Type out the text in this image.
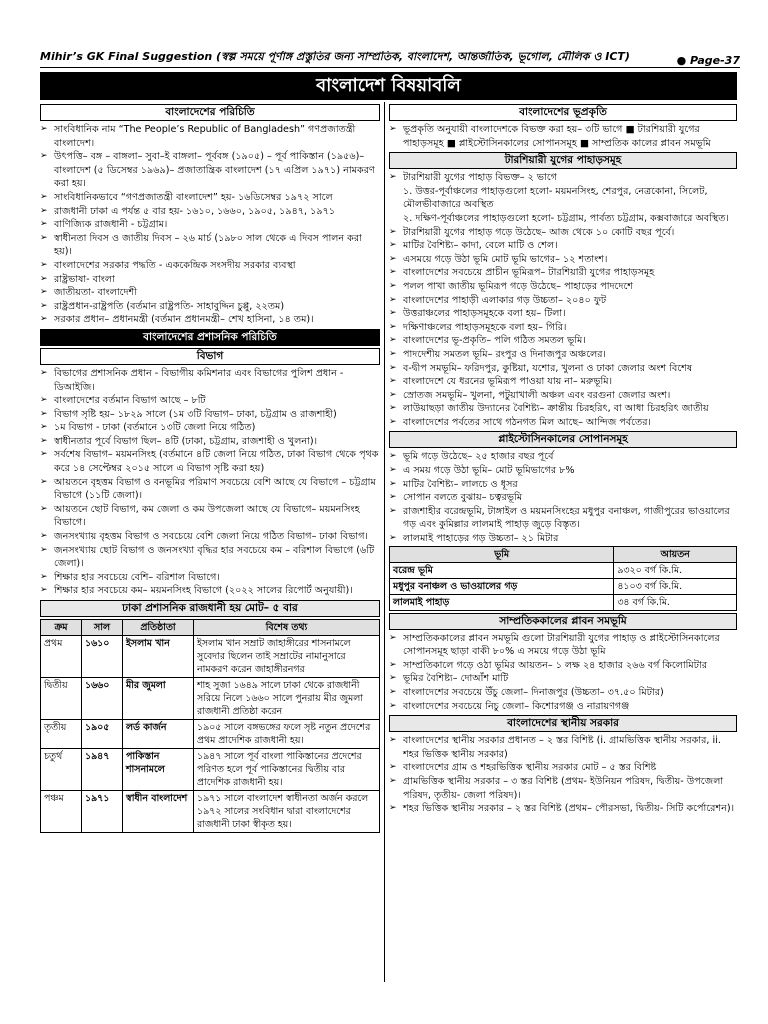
Mihir’s GK Final Suggestion (স্বল্প সময়ে পূর্ণাঙ্গ প্রস্তুতির জন্য সাম্প্রতিক, বাংলাদেশ, আন্তর্জাতিক, ভূগোল, মৌলিক ও ICT)	● Page-37
বাংলাদেশ বিষয়াবলি
বাংলাদেশের পরিচিতি
➢ সাংবিধানিক নাম “The People’s Republic of Bangladesh” গণপ্রজাতন্ত্রী বাংলাদেশ।
➢ উৎপত্তি– বঙ্গ – বাঙ্গলা– সুবা–ই বাঙ্গলা– পূর্ববঙ্গ (১৯০৫) – পূর্ব পাকিস্তান (১৯৫৬)– বাংলাদেশ (৫ ডিসেম্বর ১৯৬৯)– প্রজাতান্ত্রিক বাংলাদেশ (১৭ এপ্রিল ১৯৭১) নামকরণ করা হয়।
➢ সাংবিধানিকভাবে “গণপ্রজাতন্ত্রী বাংলাদেশ” হয়- ১৬ডিসেম্বর ১৯৭২ সালে
➢ রাজধানী ঢাকা এ পর্যন্ত ৫ বার হয়- ১৬১০, ১৬৬০, ১৯০৫, ১৯৪৭, ১৯৭১
➢ বাণিজ্যিক রাজধানী - চট্টগ্রাম।
➢ স্বাধীনতা দিবস ও জাতীয় দিবস – ২৬ মার্চ (১৯৮০ সাল থেকে এ দিবস পালন করা হয়)।
➢ বাংলাদেশের সরকার পদ্ধতি - এককেন্দ্রিক সংসদীয় সরকার ব্যবস্থা
➢ রাষ্ট্রভাষা- বাংলা
➢ জাতীয়তা- বাংলাদেশী
➢ রাষ্ট্রপ্রধান-রাষ্ট্রপতি (বর্তমান রাষ্ট্রপতি- সাহাবুদ্দিন চুপ্পু, ২২তম)
➢ সরকার প্রধান– প্রধানমন্ত্রী (বর্তমান প্রধানমন্ত্রী– শেখ হাসিনা, ১৪ তম)।
বাংলাদেশের প্রশাসনিক পরিচিতি
বিভাগ
➢ বিভাগের প্রশাসনিক প্রধান - বিভাগীয় কমিশনার এবং বিভাগের পুলিশ প্রধান - ডিআইজি।
➢ বাংলাদেশের বর্তমান বিভাগ আছে – ৮টি
➢ বিভাগ সৃষ্টি হয়– ১৮২৯ সালে (১ম ৩টি বিভাগ– ঢাকা, চট্টগ্রাম ও রাজশাহী)
➢ ১ম বিভাগ - ঢাকা (বর্তমানে ১৩টি জেলা নিয়ে গঠিত)
➢ স্বাধীনতার পূর্বে বিভাগ ছিল– ৪টি (ঢাকা, চট্টগ্রাম, রাজশাহী ও খুলনা)।
➢ সর্বশেষ বিভাগ– ময়মনসিংহ (বর্তমানে ৪টি জেলা নিয়ে গঠিত, ঢাকা বিভাগ থেকে পৃথক করে ১৪ সেপ্টেম্বর ২০১৫ সালে এ বিভাগ সৃষ্টি করা হয়)
➢ আয়তনে বৃহত্তম বিভাগ ও বনভূমির পরিমাণ সবচেয়ে বেশি আছে যে বিভাগে – চট্টগ্রাম বিভাগে (১১টি জেলা)।
➢ আয়তনে ছোট বিভাগ, কম জেলা ও কম উপজেলা আছে যে বিভাগে– ময়মনসিংহ বিভাগে।
➢ জনসংখ্যায় বৃহত্তম বিভাগ ও সবচেয়ে বেশি জেলা নিয়ে গঠিত বিভাগ– ঢাকা বিভাগ।
➢ জনসংখ্যায় ছোট বিভাগ ও জনসংখ্যা বৃদ্ধির হার সবচেয়ে কম – বরিশাল বিভাগে (৬টি জেলা)।
➢ শিক্ষার হার সবচেয়ে বেশি– বরিশাল বিভাগে।
➢ শিক্ষার হার সবচেয়ে কম– ময়মনসিংহ বিভাগে (২০২২ সালের রিপোর্ট অনুযায়ী)।
ঢাকা প্রশাসনিক রাজধানী হয় মোট– ৫ বার
ক্রম	সাল	প্রতিষ্ঠাতা	বিশেষ তথ্য
প্রথম	১৬১০	ইসলাম খান	ইসলাম খান সম্রাট জাহাঙ্গীরের শাসনামলে সুবেদার ছিলেন তাই সম্রাটের নামানুসারে নামকরণ করেন জাহাঙ্গীরনগর
দ্বিতীয়	১৬৬০	মীর জুমলা	শাহ সুজা ১৬৪৯ সালে ঢাকা থেকে রাজধানী সরিয়ে নিলে ১৬৬০ সালে পুনরায় মীর জুমলা রাজধানী প্রতিষ্ঠা করেন
তৃতীয়	১৯০৫	লর্ড কার্জন	১৯০৫ সালে বঙ্গভঙ্গের ফলে সৃষ্ট নতুন প্রদেশের প্রথম প্রাদেশিক রাজধানী হয়।
চতুর্থ	১৯৪৭	পাকিস্তান শাসনামলে	১৯৪৭ সালে পূর্ব বাংলা পাকিস্তানের প্রদেশের পরিণত হলে পূর্ব পাকিস্তানের দ্বিতীয় বার প্রাদেশিক রাজধানী হয়।
পঞ্চম	১৯৭১	স্বাধীন বাংলাদেশ	১৯৭১ সালে বাংলাদেশ স্বাধীনতা অর্জন করলে ১৯৭২ সালের সংবিধান দ্বারা বাংলাদেশের রাজধানী ঢাকা স্বীকৃত হয়।
বাংলাদেশের ভূপ্রকৃতি
➢ ভূপ্রকৃতি অনুযায়ী বাংলাদেশকে বিভক্ত করা হয়– ৩টি ভাগে ■ টারশিয়ারী যুগের পাহাড়সমূহ ■ প্লাইস্টোসিনকালের সোপানসমূহ ■ সাম্প্রতিক কালের প্লাবন সমভূমি
টারশিয়ারী যুগের পাহাড়সমূহ
➢ টারশিয়ারী যুগের পাহাড় বিভক্ত– ২ ভাগে
১. উত্তর-পূর্বাঞ্চলের পাহাড়গুলো হলো- ময়মনসিংহ, শেরপুর, নেত্রকোনা, সিলেট, মৌলভীবাজারে অবস্থিত
২. দক্ষিণ-পূর্বাঞ্চলের পাহাড়গুলো হলো- চট্টগ্রাম, পার্বত্য চট্টগ্রাম, কক্সবাজারে অবস্থিত।
➢ টারশিয়ারী যুগের পাহাড় গড়ে উঠেছে– আজ থেকে ১০ কোটি বছর পূর্বে।
➢ মাটির বৈশিষ্ট্য– কাদা, বেলে মাটি ও শেল।
➢ এসময়ে গড়ে উঠা ভূমি মোট ভূমি ভাগের– ১২ শতাংশ।
➢ বাংলাদেশের সবচেয়ে প্রাচীন ভূমিরূপ– টারশিয়ারী যুগের পাহাড়সমূহ
➢ পলল পাখা জাতীয় ভূমিরূপ গড়ে উঠেছে– পাহাড়ের পাদদেশে
➢ বাংলাদেশের পাহাড়ী এলাকার গড় উচ্চতা– ২০৪০ ফুট
➢ উত্তরাঞ্চলের পাহাড়সমূহকে বলা হয়– টিলা।
➢ দক্ষিণাঞ্চলের পাহাড়সমূহকে বলা হয়– গিরি।
➢ বাংলাদেশের ভূ-প্রকৃতি– পলি গঠিত সমতল ভূমি।
➢ পাদদেশীয় সমতল ভূমি– রংপুর ও দিনাজপুর অঞ্চলের।
➢ ব-দ্বীপ সমভূমি– ফরিদপুর, কুষ্টিয়া, যশোর, খুলনা ও ঢাকা জেলার অংশ বিশেষ
➢ বাংলাদেশে যে ধরনের ভূমিরূপ পাওয়া যায় না– মরুভূমি।
➢ স্রোতজ সমভূমি– খুলনা, পটুয়াখালী অঞ্চল এবং বরগুনা জেলার অংশ।
➢ লাউয়াছড়া জাতীয় উদ্যানের বৈশিষ্ট্য– ক্রান্তীয় চিরহরিৎ, বা আধা চিরহরিৎ জাতীয়
➢ বাংলাদেশের পর্বতের সাথে গঠনগত মিল আছে– আন্দিজ পর্বতের।
প্লাইস্টোসিনকালের সোপানসমূহ
➢ ভূমি গড়ে উঠেছে– ২৫ হাজার বছর পূর্বে
➢ এ সময় গড়ে উঠা ভূমি– মোট ভূমিভাগের ৮%
➢ মাটির বৈশিষ্ট্য– লালচে ও ধূসর
➢ সোপান বলতে বুঝায়– চত্বরভূমি
➢ রাজশাহীর বরেন্দ্রভূমি, টাঙ্গাইল ও ময়মনসিংহের মধুপুর বনাঞ্চল, গাজীপুরের ভাওয়ালের গড় এবং কুমিল্লার লালমাই পাহাড় জুড়ে বিস্তৃত।
➢ লালমাই পাহাড়ের গড় উচ্চতা– ২১ মিটার
ভূমি	আয়তন
বরেন্দ্র ভূমি	৯৩২০ বর্গ কি.মি.
মধুপুর বনাঞ্চল ও ভাওয়ালের গড়	৪১০৩ বর্গ কি.মি.
লালমাই পাহাড়	৩৪ বর্গ কি.মি.
সাম্প্রতিককালের প্লাবন সমভূমি
➢ সাম্প্রতিককালের প্লাবন সমভূমি গুলো টারশিয়ারী যুগের পাহাড় ও প্লাইস্টোসিনকালের সোপানসমূহ ছাড়া বাকী ৮০% এ সময়ে গড়ে উঠা ভূমি
➢ সাম্প্রতিকালে গড়ে ওঠা ভূমির আয়তন– ১ লক্ষ ২৪ হাজার ২৬৬ বর্গ কিলোমিটার
➢ ভূমির বৈশিষ্ট্য– দোআঁশ মাটি
➢ বাংলাদেশের সবচেয়ে উঁচু জেলা– দিনাজপুর (উচ্চতা– ৩৭.৫০ মিটার)
➢ বাংলাদেশের সবচেয়ে নিচু জেলা– কিশোরগঞ্জ ও নারায়ণগঞ্জ
বাংলাদেশের স্থানীয় সরকার
➢ বাংলাদেশের স্থানীয় সরকার প্রধানত – ২ স্তর বিশিষ্ট (i. গ্রামভিত্তিক স্থানীয় সরকার, ii. শহর ভিত্তিক স্থানীয় সরকার)
➢ বাংলাদেশের গ্রাম ও শহরভিত্তিক স্থানীয় সরকার মোট – ৫ স্তর বিশিষ্ট
➢ গ্রামভিত্তিক স্থানীয় সরকার – ৩ স্তর বিশিষ্ট (প্রথম- ইউনিয়ন পরিষদ, দ্বিতীয়- উপজেলা পরিষদ, তৃতীয়- জেলা পরিষদ)।
➢ শহর ভিত্তিক স্থানীয় সরকার – ২ স্তর বিশিষ্ট (প্রথম– পৌরসভা, দ্বিতীয়- সিটি কর্পোরেশন)।
